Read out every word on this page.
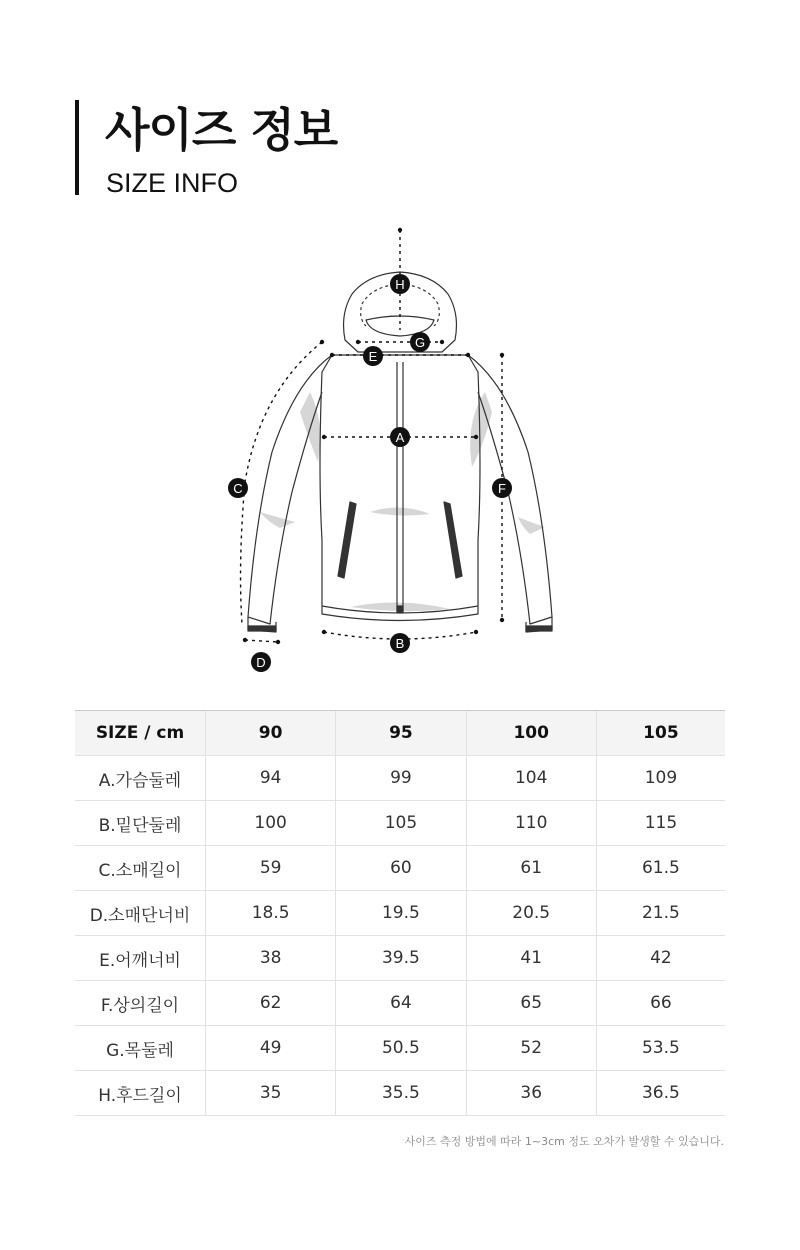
사이즈 정보
SIZE INFO
H
G
E
A
C	F
B
D
SIZE / cm	90	95	100	105
A.가슴둘레	94	99	104	109
B.밑단둘레	100	105	110	115
C.소매길이	59	60	61	61.5
D.소매단너비	18.5	19.5	20.5	21.5
E.어깨너비	38	39.5	41	42
F.상의길이	62	64	65	66
G.목둘레	49	50.5	52	53.5
H.후드길이	35	35.5	36	36.5
사이즈 측정 방법에 따라 1~3cm 정도 오차가 발생할 수 있습니다.
